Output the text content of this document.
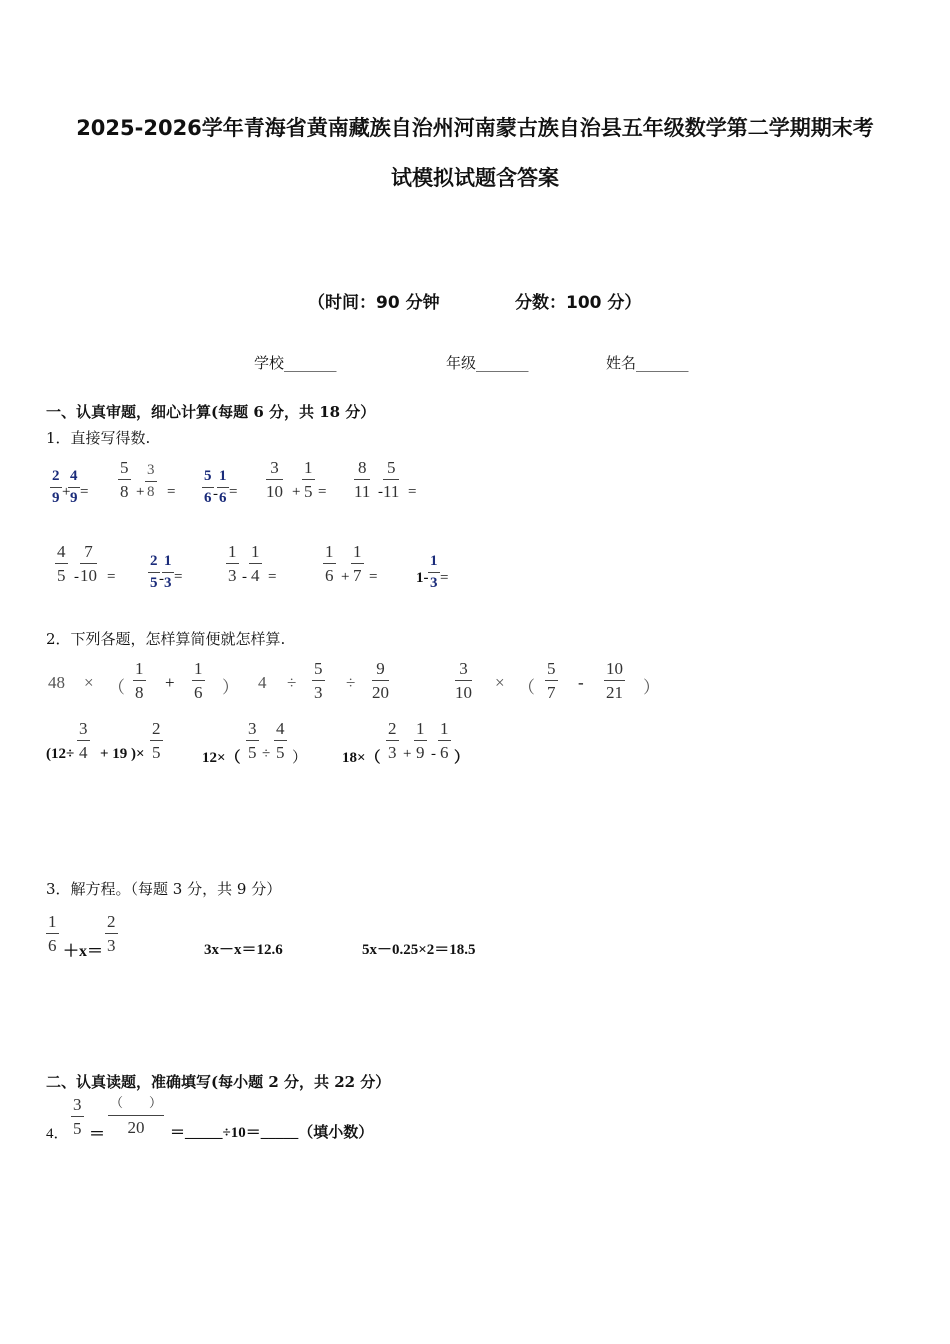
2025-2026学年青海省黄南藏族自治州河南蒙古族自治县五年级数学第二学期期末考
试模拟试题含答案
（时间：90 分钟	分数：100 分）
学校_______	年级_______	姓名_______
一、认真审题，细心计算(每题 6 分，共 18 分）
1．直接写得数.
$\frac{2}{9}$ +
$\frac{4}{9} = \frac{5}{8} + \frac{3}{8} = \frac{5}{6} - \frac{1}{6} = \frac{3}{10} + \frac{1}{5} = \frac{8}{11} - \frac{5}{11}$ =
$\frac{4}{5} - \frac{7}{10} = \frac{2}{5}$ -
$\frac{1}{3}$ =	$\frac{1}{3} - \frac{1}{4}$ =	$\frac{1}{6} + \frac{1}{7}$ =	$1- \frac{1}{3}$ =
2．下列各题，怎样算简便就怎样算.
48 × （ $\frac{1}{8} + \frac{1}{6}$ ） $4 \div \frac{5}{3} \div \frac{9}{20}$	$\frac{3}{10}$ × （ $\frac{5}{7} - \frac{10}{21}$ ）
($12\div \frac{3}{4} + 19$ )× $\frac{2}{5}$	$12\times( \frac{3}{5} \div \frac{4}{5}$ ） $18\times( \frac{2}{3} + \frac{1}{9} - \frac{1}{6}$ ）
3．解方程。（每题 3 分，共 9 分）
$\frac{1}{6} +x= \frac{2}{3}$	3x－x＝12.6	5x－0.25×2＝18.5
二、认真读题，准确填写(每小题 2 分，共 22 分）
4． $\frac{3}{5}$ ＝
（　　）
20	＝_____÷10＝_____（填小数）
